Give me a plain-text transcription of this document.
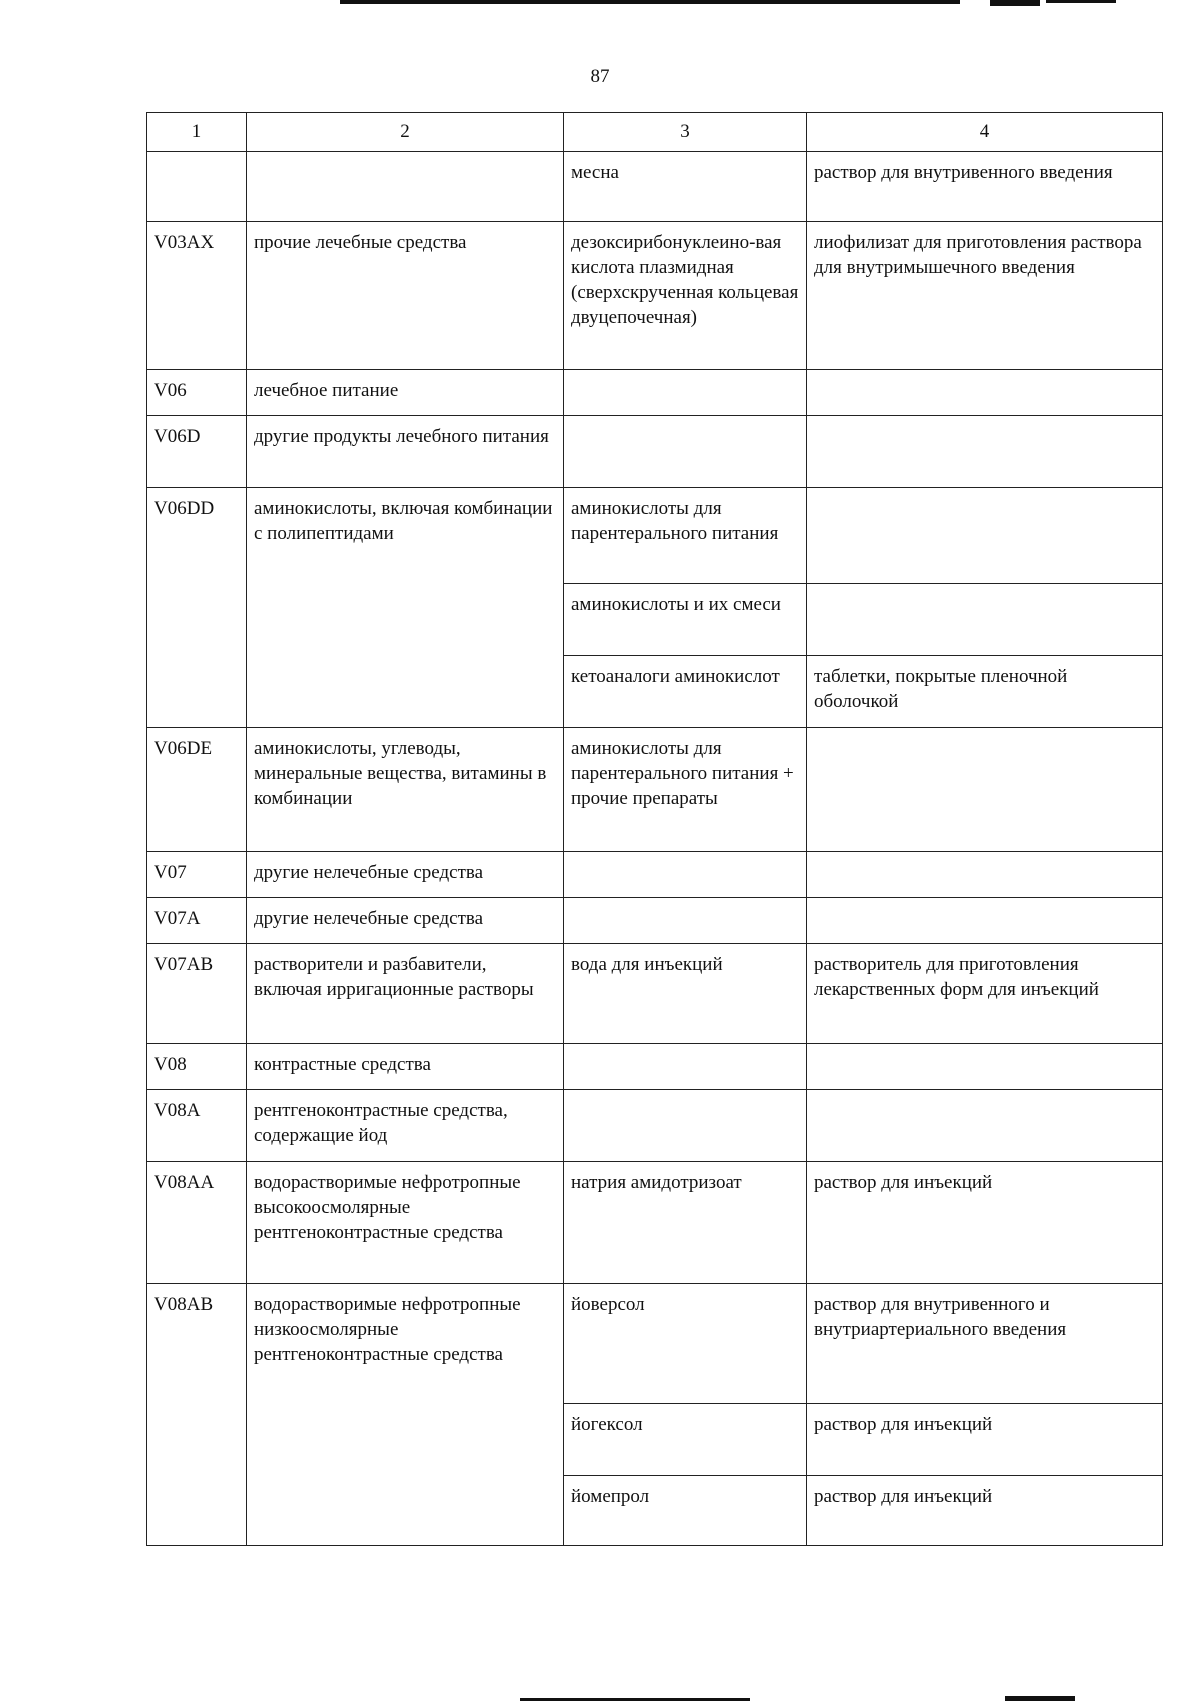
87
1	2	3	4
		месна	раствор для внутривенного введения
V03AX	прочие лечебные средства	дезоксирибонуклеино-вая кислота плазмидная (сверхскрученная кольцевая двуцепочечная)	лиофилизат для приготовления раствора для внутримышечного введения
V06	лечебное питание		
V06D	другие продукты лечебного питания		
V06DD	аминокислоты, включая комбинации с полипептидами	аминокислоты для парентерального питания	
		аминокислоты и их смеси	
		кетоаналоги аминокислот	таблетки, покрытые пленочной оболочкой
V06DE	аминокислоты, углеводы, минеральные вещества, витамины в комбинации	аминокислоты для парентерального питания + прочие препараты	
V07	другие нелечебные средства		
V07A	другие нелечебные средства		
V07AB	растворители и разбавители, включая ирригационные растворы	вода для инъекций	растворитель для приготовления лекарственных форм для инъекций
V08	контрастные средства		
V08A	рентгеноконтрастные средства, содержащие йод		
V08AA	водорастворимые нефротропные высокоосмолярные рентгеноконтрастные средства	натрия амидотризоат	раствор для инъекций
V08AB	водорастворимые нефротропные низкоосмолярные рентгеноконтрастные средства	йоверсол	раствор для внутривенного и внутриартериального введения
		йогексол	раствор для инъекций
		йомепрол	раствор для инъекций
